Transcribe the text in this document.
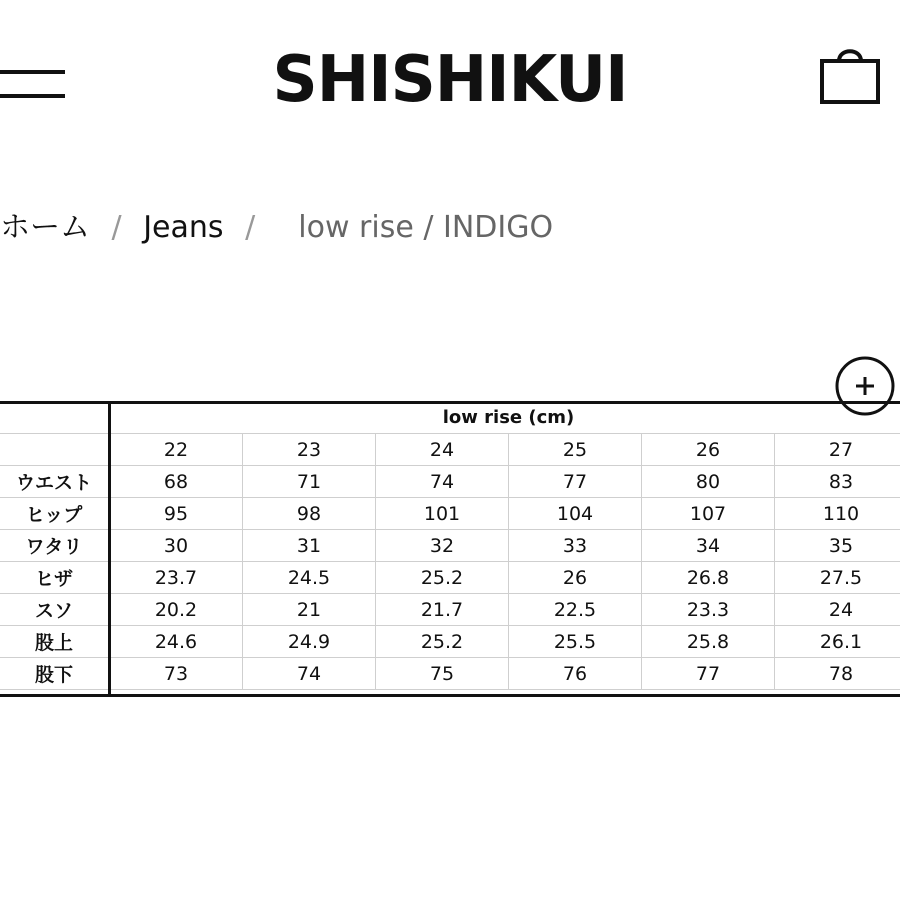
SHISHIKUI
ホーム / Jeans / low rise / INDIGO
	low rise (cm)					
	22	23	24	25	26	27
ウエスト	68	71	74	77	80	83
ヒップ	95	98	101	104	107	110
ワタリ	30	31	32	33	34	35
ヒザ	23.7	24.5	25.2	26	26.8	27.5
スソ	20.2	21	21.7	22.5	23.3	24
股上	24.6	24.9	25.2	25.5	25.8	26.1
股下	73	74	75	76	77	78
